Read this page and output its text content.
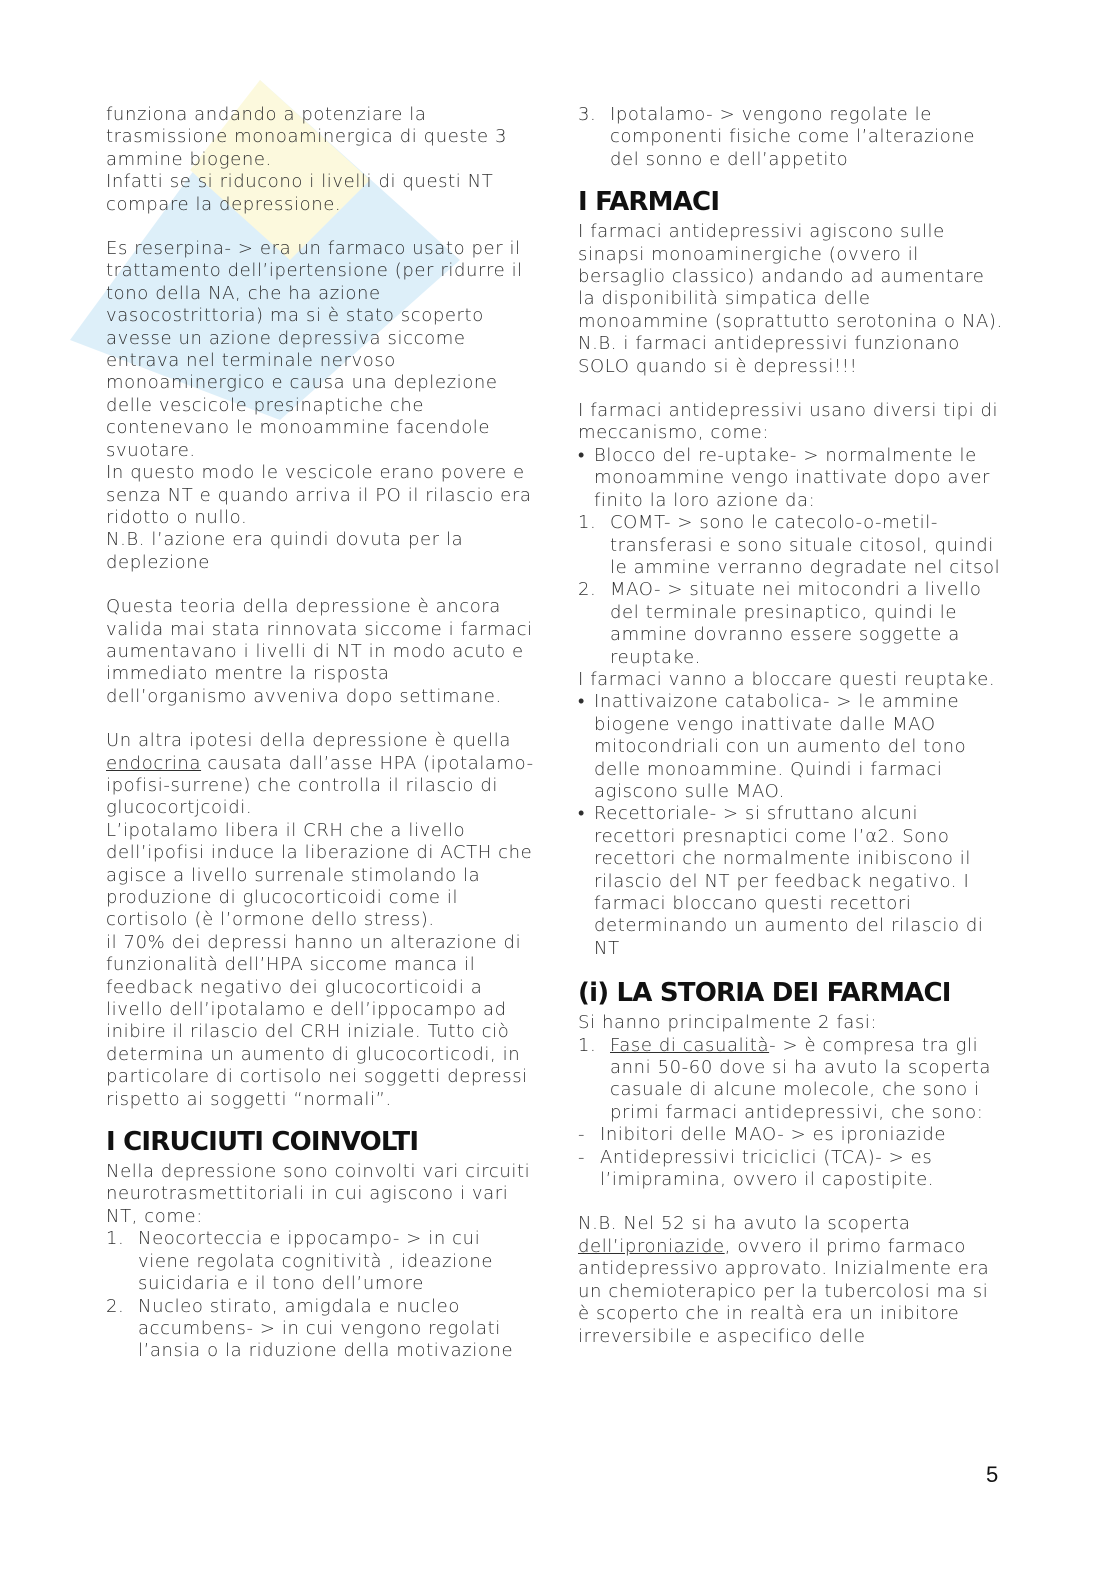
funziona andando a potenziare la trasmissione monoaminergica di queste 3 ammine biogene.

Infatti se si riducono i livelli di questi NT compare la depressione.

Es reserpina- > era un farmaco usato per il trattamento dell’ipertensione (per ridurre il tono della NA, che ha azione vasocostrittoria) ma si è stato scoperto avesse un azione depressiva siccome entrava nel terminale nervoso monoaminergico e causa una deplezione delle vescicole presinaptiche che contenevano le monoammine facendole svuotare.

In questo modo le vescicole erano povere e senza NT e quando arriva il PO il rilascio era ridotto o nullo.

N.B. l’azione era quindi dovuta per la deplezione

Questa teoria della depressione è ancora valida mai stata rinnovata siccome i farmaci aumentavano i livelli di NT in modo acuto e immediato mentre la risposta dell’organismo avveniva dopo settimane.

Un altra ipotesi della depressione è quella endocrina causata dall’asse HPA (ipotalamo-ipofisi-surrene) che controlla il rilascio di glucocortjcoidi.

L’ipotalamo libera il CRH che a livello dell’ipofisi induce la liberazione di ACTH che agisce a livello surrenale stimolando la produzione di glucocorticoidi come il cortisolo (è l’ormone dello stress).

il 70% dei depressi hanno un alterazione di funzionalità dell’HPA siccome manca il feedback negativo dei glucocorticoidi a livello dell’ipotalamo e dell’ippocampo ad inibire il rilascio del CRH iniziale. Tutto ciò determina un aumento di glucocorticodi, in particolare di cortisolo nei soggetti depressi rispetto ai soggetti “normali”.

I CIRUCIUTI COINVOLTI

Nella depressione sono coinvolti vari circuiti neurotrasmettitoriali in cui agiscono i vari NT, come:

1. Neocorteccia e ippocampo- > in cui viene regolata cognitività , ideazione suicidaria e il tono dell’umore
2. Nucleo stirato, amigdala e nucleo accumbens- > in cui vengono regolati l’ansia o la riduzione della motivazione
3. Ipotalamo- > vengono regolate le componenti fisiche come l’alterazione del sonno e dell’appetito
I FARMACI

I farmaci antidepressivi agiscono sulle sinapsi monoaminergiche (ovvero il bersaglio classico) andando ad aumentare la disponibilità simpatica delle monoammine (soprattutto serotonina o NA).

N.B. i farmaci antidepressivi funzionano SOLO quando si è depressi!!!

I farmaci antidepressivi usano diversi tipi di meccanismo, come:

• Blocco del re-uptake- > normalmente le monoammine vengo inattivate dopo aver finito la loro azione da:
1. COMT- > sono le catecolo-o-metil-transferasi e sono situale citosol, quindi le ammine verranno degradate nel citsol
2. MAO- > situate nei mitocondri a livello del terminale presinaptico, quindi le ammine dovranno essere soggette a reuptake.

I farmaci vanno a bloccare questi reuptake.

• Inattivaizone catabolica- > le ammine biogene vengo inattivate dalle MAO mitocondriali con un aumento del tono delle monoammine. Quindi i farmaci agiscono sulle MAO.
• Recettoriale- > si sfruttano alcuni recettori presnaptici come l’α2. Sono recettori che normalmente inibiscono il rilascio del NT per feedback negativo. I farmaci bloccano questi recettori determinando un aumento del rilascio di NT
(i) LA STORIA DEI FARMACI

Si hanno principalmente 2 fasi:

1. Fase di casualità- > è compresa tra gli anni 50-60 dove si ha avuto la scoperta casuale di alcune molecole, che sono i primi farmaci antidepressivi, che sono:
- Inibitori delle MAO- > es iproniazide
- Antidepressivi triciclici (TCA)- > es l’imipramina, ovvero il capostipite.

N.B. Nel 52 si ha avuto la scoperta dell’iproniazide, ovvero il primo farmaco antidepressivo approvato. Inizialmente era un chemioterapico per la tubercolosi ma si è scoperto che in realtà era un inibitore irreversibile e aspecifico delle

5
